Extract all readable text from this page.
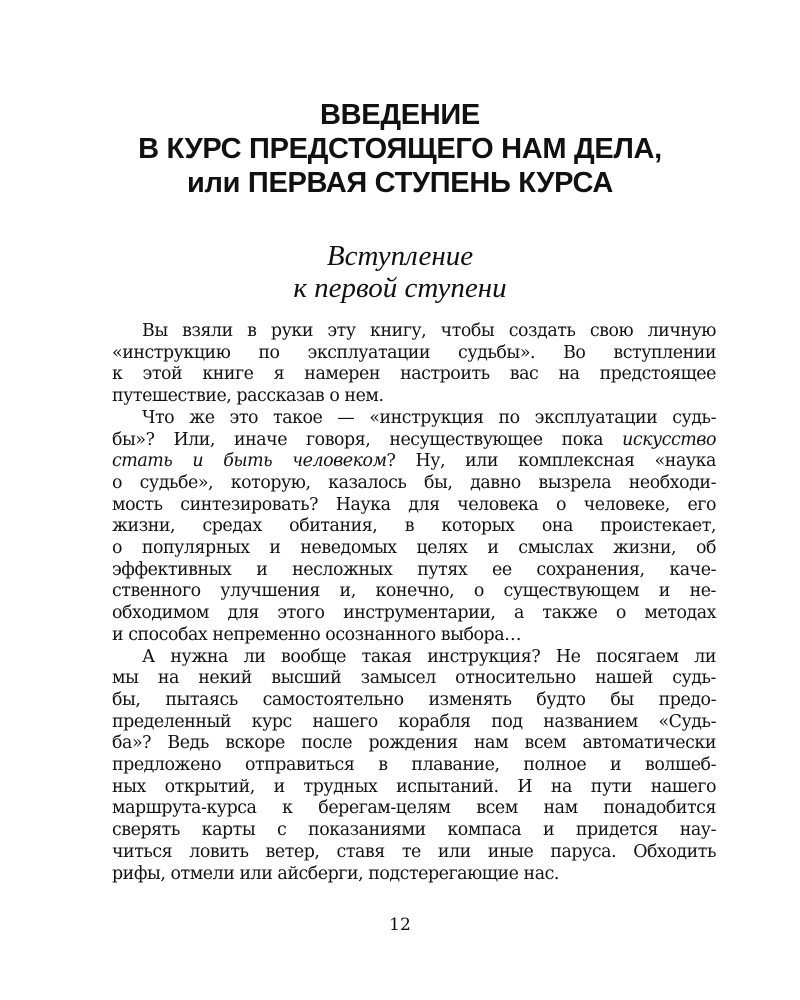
ВВЕДЕНИЕ
В КУРС ПРЕДСТОЯЩЕГО НАМ ДЕЛА,
или ПЕРВАЯ СТУПЕНЬ КУРСА
Вступление
к первой ступени
Вы взяли в руки эту книгу, чтобы создать свою личную
«инструкцию по эксплуатации судьбы». Во вступлении
к этой книге я намерен настроить вас на предстоящее
путешествие, рассказав о нем.
Что же это такое — «инструкция по эксплуатации судь-
бы»? Или, иначе говоря, несуществующее пока искусство
стать и быть человеком? Ну, или комплексная «наука
о судьбе», которую, казалось бы, давно вызрела необходи-
мость синтезировать? Наука для человека о человеке, его
жизни, средах обитания, в которых она проистекает,
о популярных и неведомых целях и смыслах жизни, об
эффективных и несложных путях ее сохранения, каче-
ственного улучшения и, конечно, о существующем и не-
обходимом для этого инструментарии, а также о методах
и способах непременно осознанного выбора…
А нужна ли вообще такая инструкция? Не посягаем ли
мы на некий высший замысел относительно нашей судь-
бы, пытаясь самостоятельно изменять будто бы предо-
пределенный курс нашего корабля под названием «Судь-
ба»? Ведь вскоре после рождения нам всем автоматически
предложено отправиться в плавание, полное и волшеб-
ных открытий, и трудных испытаний. И на пути нашего
маршрута-курса к берегам-целям всем нам понадобится
сверять карты с показаниями компаса и придется нау-
читься ловить ветер, ставя те или иные паруса. Обходить
рифы, отмели или айсберги, подстерегающие нас.
12
